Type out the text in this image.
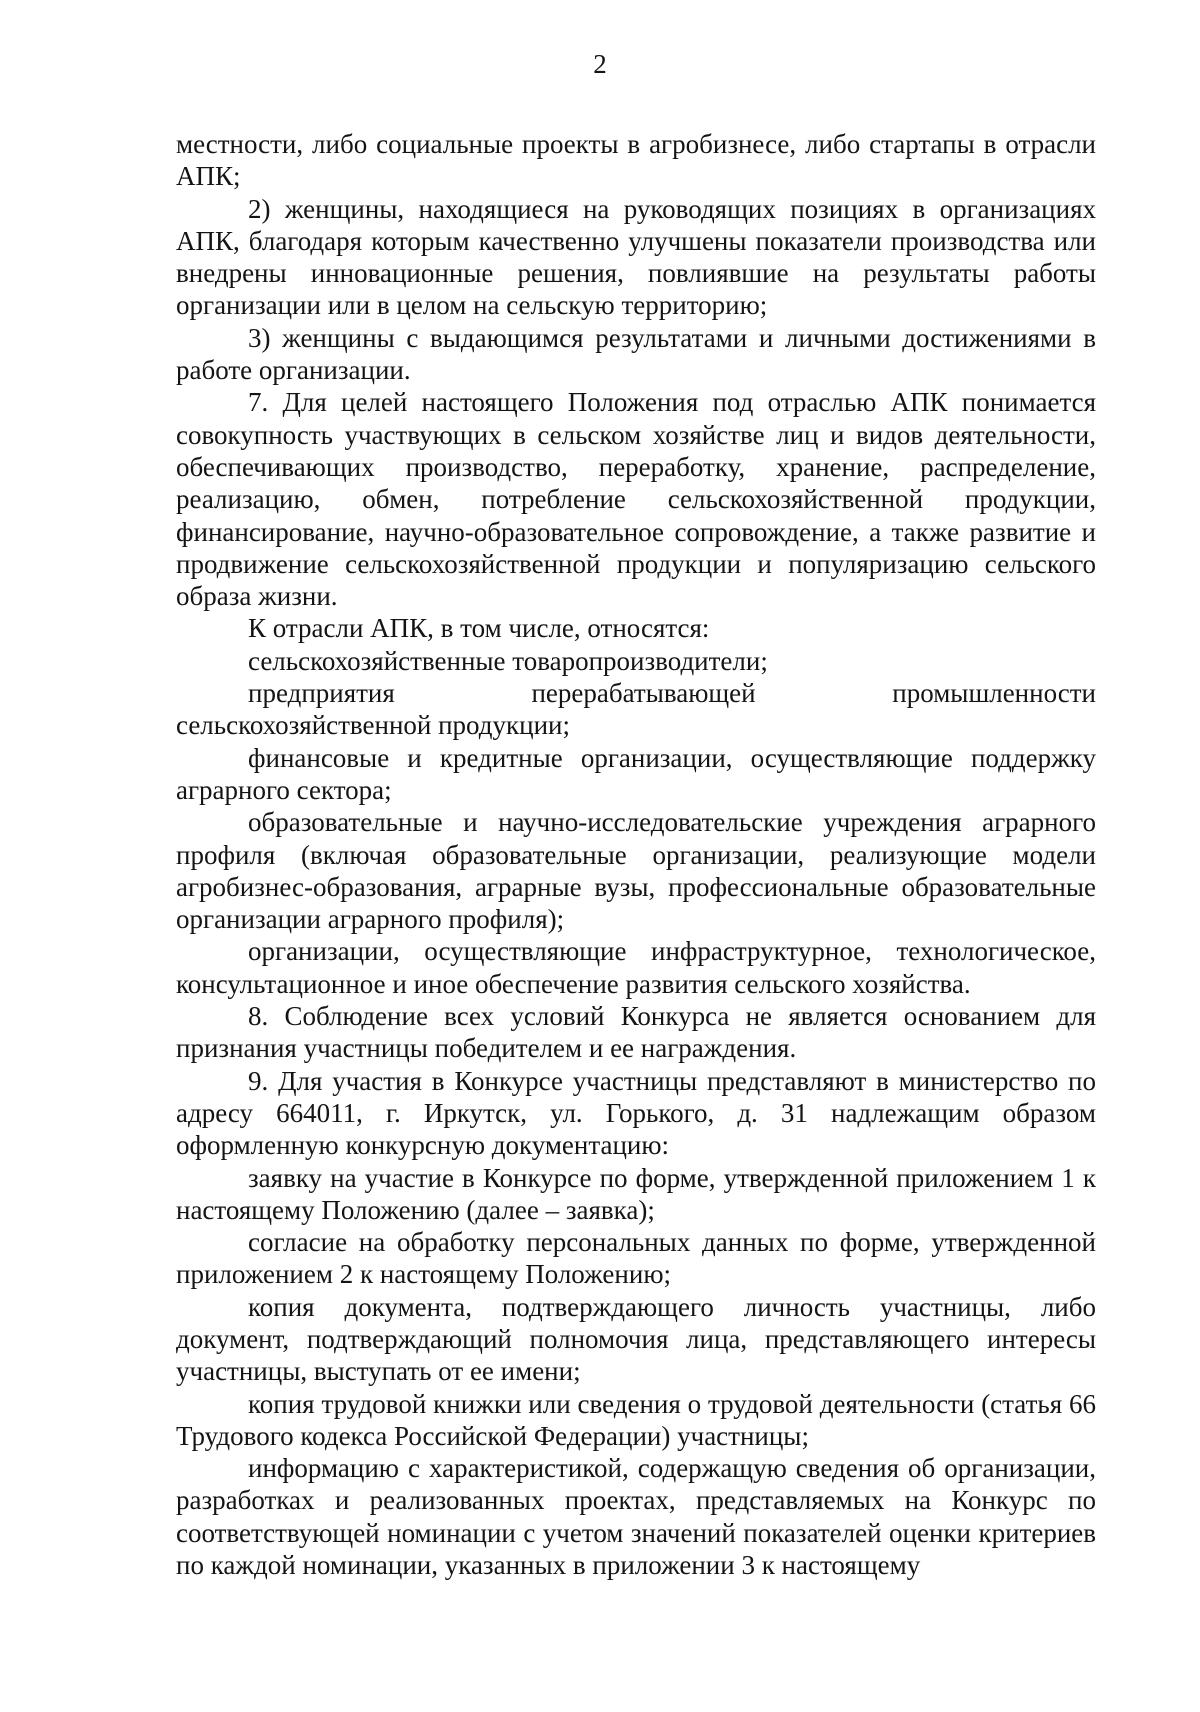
2

местности, либо социальные проекты в агробизнесе, либо стартапы в отрасли АПК;

2) женщины, находящиеся на руководящих позициях в организациях АПК, благодаря которым качественно улучшены показатели производства или внедрены инновационные решения, повлиявшие на результаты работы организации или в целом на сельскую территорию;

3) женщины с выдающимся результатами и личными достижениями в работе организации.

7. Для целей настоящего Положения под отраслью АПК понимается совокупность участвующих в сельском хозяйстве лиц и видов деятельности, обеспечивающих производство, переработку, хранение, распределение, реализацию, обмен, потребление сельскохозяйственной продукции, финансирование, научно-образовательное сопровождение, а также развитие и продвижение сельскохозяйственной продукции и популяризацию сельского образа жизни.

К отрасли АПК, в том числе, относятся:

сельскохозяйственные товаропроизводители;

предприятия перерабатывающей промышленности

сельскохозяйственной продукции;

финансовые и кредитные организации, осуществляющие поддержку аграрного сектора;

образовательные и научно-исследовательские учреждения аграрного профиля (включая образовательные организации, реализующие модели агробизнес-образования, аграрные вузы, профессиональные образовательные организации аграрного профиля);

организации, осуществляющие инфраструктурное, технологическое, консультационное и иное обеспечение развития сельского хозяйства.

8. Соблюдение всех условий Конкурса не является основанием для признания участницы победителем и ее награждения.

9. Для участия в Конкурсе участницы представляют в министерство по адресу 664011, г. Иркутск, ул. Горького, д. 31 надлежащим образом оформленную конкурсную документацию:

заявку на участие в Конкурсе по форме, утвержденной приложением 1 к настоящему Положению (далее – заявка);

согласие на обработку персональных данных по форме, утвержденной приложением 2 к настоящему Положению;

копия документа, подтверждающего личность участницы, либо документ, подтверждающий полномочия лица, представляющего интересы участницы, выступать от ее имени;

копия трудовой книжки или сведения о трудовой деятельности (статья 66 Трудового кодекса Российской Федерации) участницы;

информацию с характеристикой, содержащую сведения об организации, разработках и реализованных проектах, представляемых на Конкурс по соответствующей номинации с учетом значений показателей оценки критериев по каждой номинации, указанных в приложении 3 к настоящему
